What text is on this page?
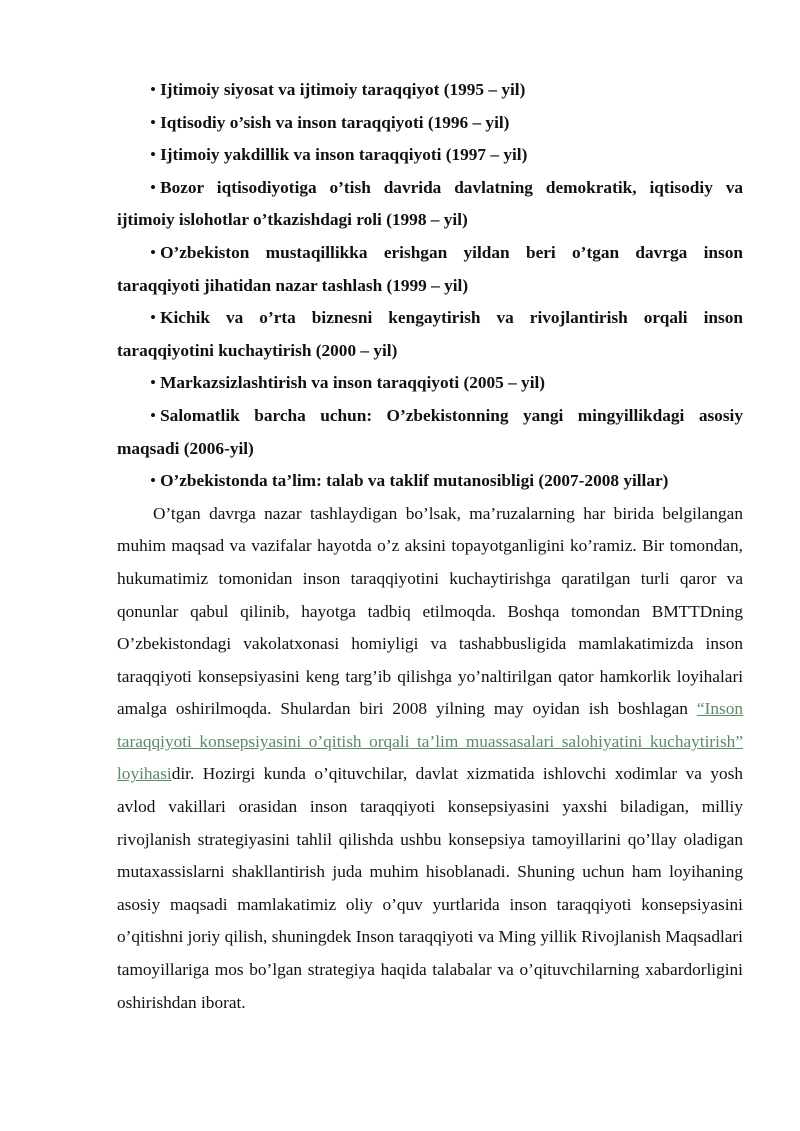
• Ijtimoiy siyosat va ijtimoiy taraqqiyot (1995 – yil)

• Iqtisodiy o’sish va inson taraqqiyoti (1996 – yil)

• Ijtimoiy yakdillik va inson taraqqiyoti (1997 – yil)

• Bozor iqtisodiyotiga o’tish davrida davlatning demokratik, iqtisodiy va ijtimoiy islohotlar o’tkazishdagi roli (1998 – yil)

• O’zbekiston mustaqillikka erishgan yildan beri o’tgan davrga inson taraqqiyoti jihatidan nazar tashlash (1999 – yil)

• Kichik va o’rta biznesni kengaytirish va rivojlantirish orqali inson taraqqiyotini kuchaytirish (2000 – yil)

• Markazsizlashtirish va inson taraqqiyoti (2005 – yil)

• Salomatlik barcha uchun: O’zbekistonning yangi mingyillikdagi asosiy maqsadi (2006-yil)

• O’zbekistonda ta’lim: talab va taklif mutanosibligi (2007-2008 yillar)

O’tgan davrga nazar tashlaydigan bo’lsak, ma’ruzalarning har birida belgilangan muhim maqsad va vazifalar hayotda o’z aksini topayotganligini ko’ramiz. Bir tomondan, hukumatimiz tomonidan inson taraqqiyotini kuchaytirishga qaratilgan turli qaror va qonunlar qabul qilinib, hayotga tadbiq etilmoqda. Boshqa tomondan BMTTDning O’zbekistondagi vakolatxonasi homiyligi va tashabbusligida mamlakatimizda inson taraqqiyoti konsepsiyasini keng targ’ib qilishga yo’naltirilgan qator hamkorlik loyihalari amalga oshirilmoqda. Shulardan biri 2008 yilning may oyidan ish boshlagan “Inson taraqqiyoti konsepsiyasini o’qitish orqali ta’lim muassasalari salohiyatini kuchaytirish” loyihasidir. Hozirgi kunda o’qituvchilar, davlat xizmatida ishlovchi xodimlar va yosh avlod vakillari orasidan inson taraqqiyoti konsepsiyasini yaxshi biladigan, milliy rivojlanish strategiyasini tahlil qilishda ushbu konsepsiya tamoyillarini qo’llay oladigan mutaxassislarni shakllantirish juda muhim hisoblanadi. Shuning uchun ham loyihaning asosiy maqsadi mamlakatimiz oliy o’quv yurtlarida inson taraqqiyoti konsepsiyasini o’qitishni joriy qilish, shuningdek Inson taraqqiyoti va Ming yillik Rivojlanish Maqsadlari tamoyillariga mos bo’lgan strategiya haqida talabalar va o’qituvchilarning xabardorligini oshirishdan iborat.
